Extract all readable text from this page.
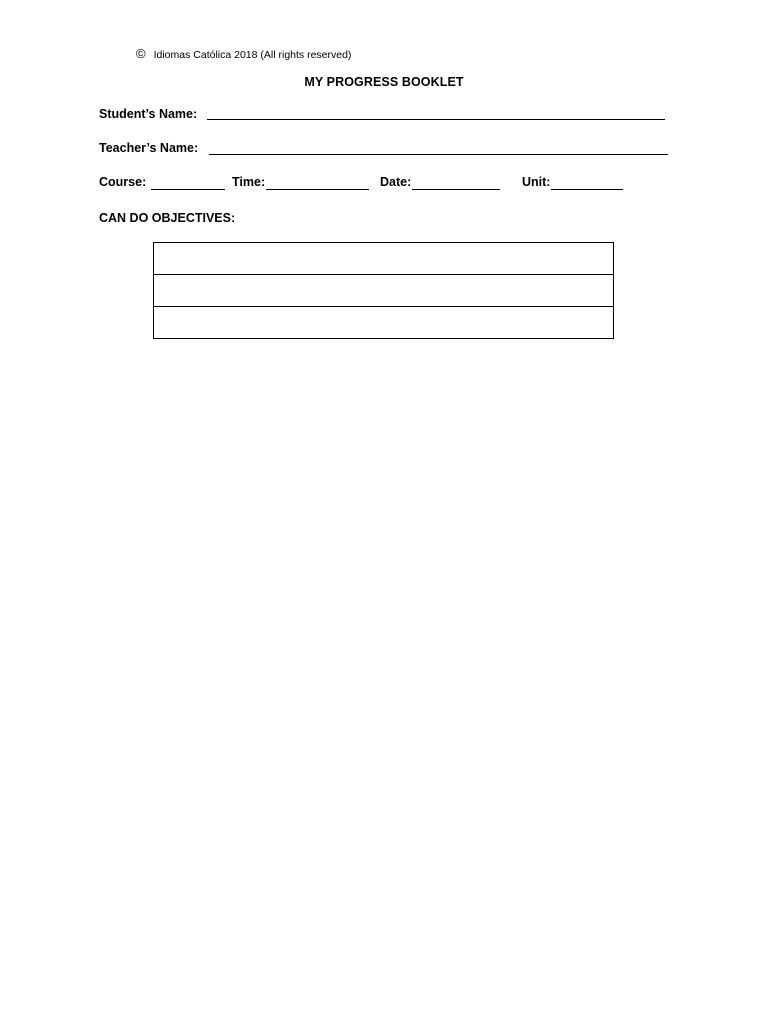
© Idiomas Católica 2018 (All rights reserved)
MY PROGRESS BOOKLET
Student’s Name:
Teacher’s Name:
Course:	Time:	Date:	Unit:
CAN DO OBJECTIVES:
